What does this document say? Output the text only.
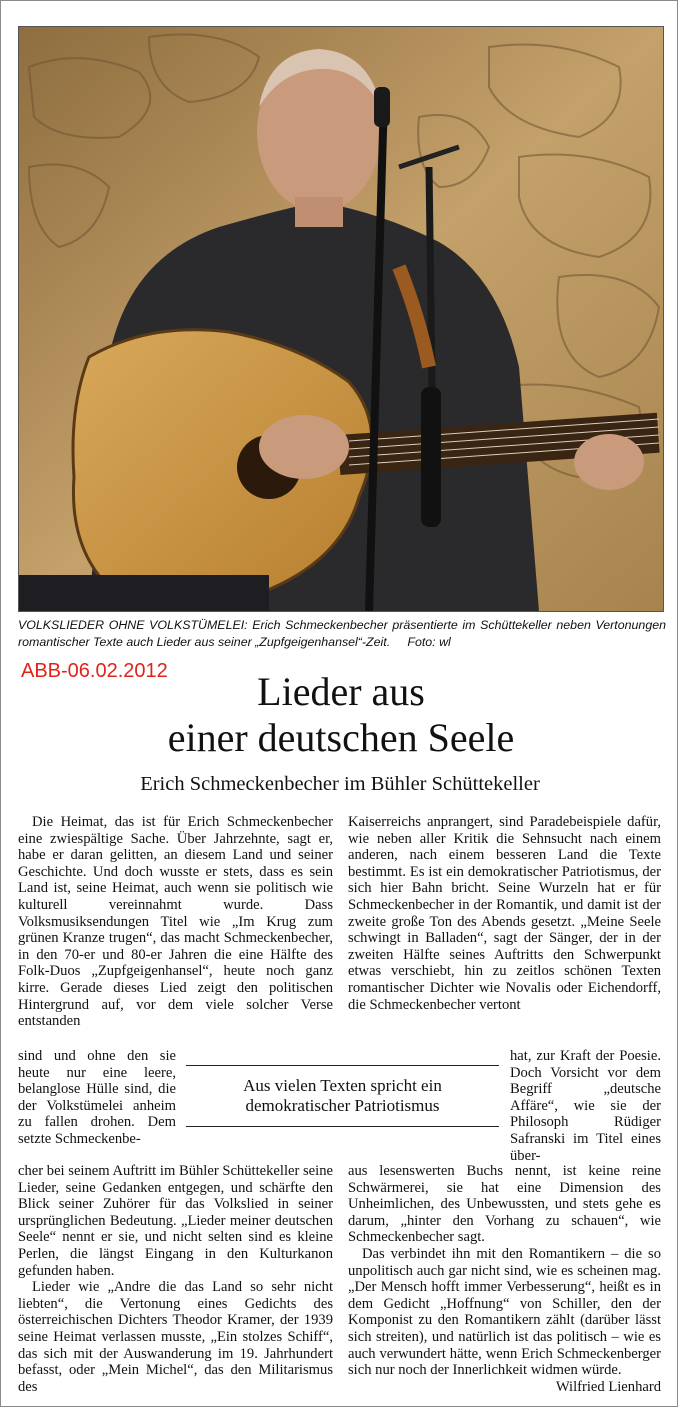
VOLKSLIEDER OHNE VOLKSTÜMELEI: Erich Schmeckenbecher präsentierte im Schüttekeller neben Vertonungen romantischer Texte auch Lieder aus seiner „Zupfgeigenhansel“-Zeit. Foto: wl
ABB-06.02.2012	Lieder aus
einer deutschen Seele
Erich Schmeckenbecher im Bühler Schüttekeller

Die Heimat, das ist für Erich Schmeckenbecher eine zwiespältige Sache. Über Jahrzehnte, sagt er, habe er daran gelitten, an diesem Land und seiner Geschichte. Und doch wusste er stets, dass es sein Land ist, seine Heimat, auch wenn sie politisch wie kulturell vereinnahmt wurde. Dass Volksmusiksendungen Titel wie „Im Krug zum grünen Kranze trugen“, das macht Schmeckenbecher, in den 70-er und 80-er Jahren die eine Hälfte des Folk-Duos „Zupfgeigenhansel“, heute noch ganz kirre. Gerade dieses Lied zeigt den politischen Hintergrund auf, vor dem viele solcher Verse entstanden

sind und ohne den sie heute nur eine leere, belanglose Hülle sind, die der Volkstümelei anheim zu fallen drohen. Dem setzte Schmeckenbe-

cher bei seinem Auftritt im Bühler Schüttekeller seine Lieder, seine Gedanken entgegen, und schärfte den Blick seiner Zuhörer für das Volkslied in seiner ursprünglichen Bedeutung. „Lieder meiner deutschen Seele“ nennt er sie, und nicht selten sind es kleine Perlen, die längst Eingang in den Kulturkanon gefunden haben.

Lieder wie „Andre die das Land so sehr nicht liebten“, die Vertonung eines Gedichts des österreichischen Dichters Theodor Kramer, der 1939 seine Heimat verlassen musste, „Ein stolzes Schiff“, das sich mit der Auswanderung im 19. Jahrhundert befasst, oder „Mein Michel“, das den Militarismus des

Aus vielen Texten spricht ein
demokratischer Patriotismus

Kaiserreichs anprangert, sind Paradebeispiele dafür, wie neben aller Kritik die Sehnsucht nach einem anderen, nach einem besseren Land die Texte bestimmt. Es ist ein demokratischer Patriotismus, der sich hier Bahn bricht. Seine Wurzeln hat er für Schmeckenbecher in der Romantik, und damit ist der zweite große Ton des Abends gesetzt. „Meine Seele schwingt in Balladen“, sagt der Sänger, der in der zweiten Hälfte seines Auftritts den Schwerpunkt etwas verschiebt, hin zu zeitlos schönen Texten romantischer Dichter wie Novalis oder Eichendorff, die Schmeckenbecher vertont

hat, zur Kraft der Poesie. Doch Vorsicht vor dem Begriff „deutsche Affäre“, wie sie der Philosoph Rüdiger Safranski im Titel eines über-

aus lesenswerten Buchs nennt, ist keine reine Schwärmerei, sie hat eine Dimension des Unheimlichen, des Unbewussten, und stets gehe es darum, „hinter den Vorhang zu schauen“, wie Schmeckenbecher sagt.

Das verbindet ihn mit den Romantikern – die so unpolitisch auch gar nicht sind, wie es scheinen mag. „Der Mensch hofft immer Verbesserung“, heißt es in dem Gedicht „Hoffnung“ von Schiller, den der Komponist zu den Romantikern zählt (darüber lässt sich streiten), und natürlich ist das politisch – wie es auch verwundert hätte, wenn Erich Schmeckenberger sich nur noch der Innerlichkeit widmen würde.
Wilfried Lienhard
